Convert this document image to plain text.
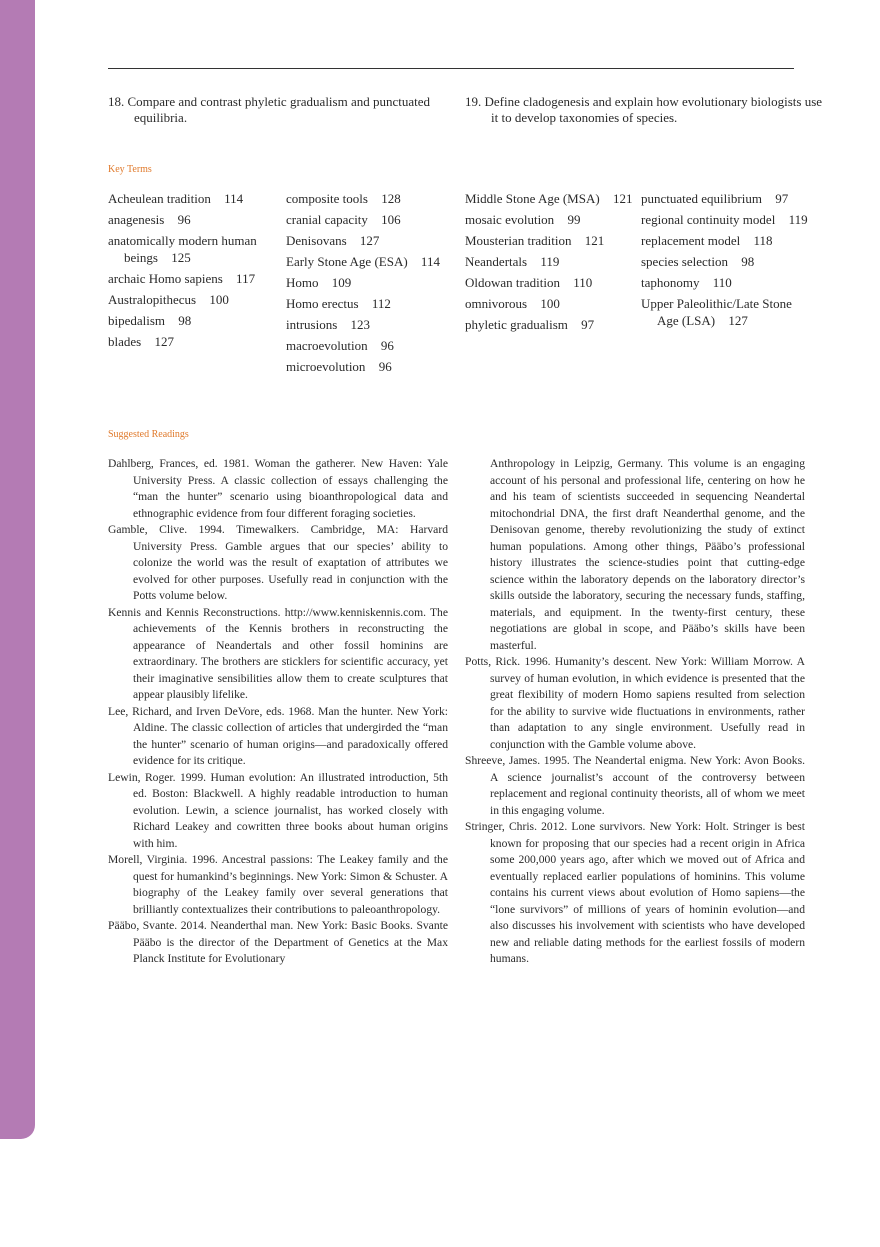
18. Compare and contrast phyletic gradualism and punctuated equilibria.
19. Define cladogenesis and explain how evolutionary biologists use it to develop taxonomies of species.
Key Terms
Acheulean tradition 114
anagenesis 96
anatomically modern human beings 125
archaic Homo sapiens 117
Australopithecus 100
bipedalism 98
blades 127
composite tools 128
cranial capacity 106
Denisovans 127
Early Stone Age (ESA) 114
Homo 109
Homo erectus 112
intrusions 123
macroevolution 96
microevolution 96
Middle Stone Age (MSA) 121
mosaic evolution 99
Mousterian tradition 121
Neandertals 119
Oldowan tradition 110
omnivorous 100
phyletic gradualism 97
punctuated equilibrium 97
regional continuity model 119
replacement model 118
species selection 98
taphonomy 110
Upper Paleolithic/Late Stone Age (LSA) 127
Suggested Readings

Dahlberg, Frances, ed. 1981. Woman the gatherer. New Haven: Yale University Press. A classic collection of essays challenging the “man the hunter” scenario using bioanthropological data and ethnographic evidence from four different foraging societies.

Gamble, Clive. 1994. Timewalkers. Cambridge, MA: Harvard University Press. Gamble argues that our species’ ability to colonize the world was the result of exaptation of attributes we evolved for other purposes. Usefully read in conjunction with the Potts volume below.

Kennis and Kennis Reconstructions. http://www.kenniskennis.com. The achievements of the Kennis brothers in reconstructing the appearance of Neandertals and other fossil hominins are extraordinary. The brothers are sticklers for scientific accuracy, yet their imaginative sensibilities allow them to create sculptures that appear plausibly lifelike.

Lee, Richard, and Irven DeVore, eds. 1968. Man the hunter. New York: Aldine. The classic collection of articles that undergirded the “man the hunter” scenario of human origins—and paradoxically offered evidence for its critique.

Lewin, Roger. 1999. Human evolution: An illustrated introduction, 5th ed. Boston: Blackwell. A highly readable introduction to human evolution. Lewin, a science journalist, has worked closely with Richard Leakey and cowritten three books about human origins with him.

Morell, Virginia. 1996. Ancestral passions: The Leakey family and the quest for humankind’s beginnings. New York: Simon & Schuster. A biography of the Leakey family over several generations that brilliantly contextualizes their contributions to paleoanthropology.

Pääbo, Svante. 2014. Neanderthal man. New York: Basic Books. Svante Pääbo is the director of the Department of Genetics at the Max Planck Institute for Evolutionary

Anthropology in Leipzig, Germany. This volume is an engaging account of his personal and professional life, centering on how he and his team of scientists succeeded in sequencing Neandertal mitochondrial DNA, the first draft Neanderthal genome, and the Denisovan genome, thereby revolutionizing the study of extinct human populations. Among other things, Pääbo’s professional history illustrates the science-studies point that cutting-edge science within the laboratory depends on the laboratory director’s skills outside the laboratory, securing the necessary funds, staffing, materials, and equipment. In the twenty-first century, these negotiations are global in scope, and Pääbo’s skills have been masterful.

Potts, Rick. 1996. Humanity’s descent. New York: William Morrow. A survey of human evolution, in which evidence is presented that the great flexibility of modern Homo sapiens resulted from selection for the ability to survive wide fluctuations in environments, rather than adaptation to any single environment. Usefully read in conjunction with the Gamble volume above.

Shreeve, James. 1995. The Neandertal enigma. New York: Avon Books. A science journalist’s account of the controversy between replacement and regional continuity theorists, all of whom we meet in this engaging volume.

Stringer, Chris. 2012. Lone survivors. New York: Holt. Stringer is best known for proposing that our species had a recent origin in Africa some 200,000 years ago, after which we moved out of Africa and eventually replaced earlier populations of hominins. This volume contains his current views about evolution of Homo sapiens—the “lone survivors” of millions of years of hominin evolution—and also discusses his involvement with scientists who have developed new and reliable dating methods for the earliest fossils of modern humans.
